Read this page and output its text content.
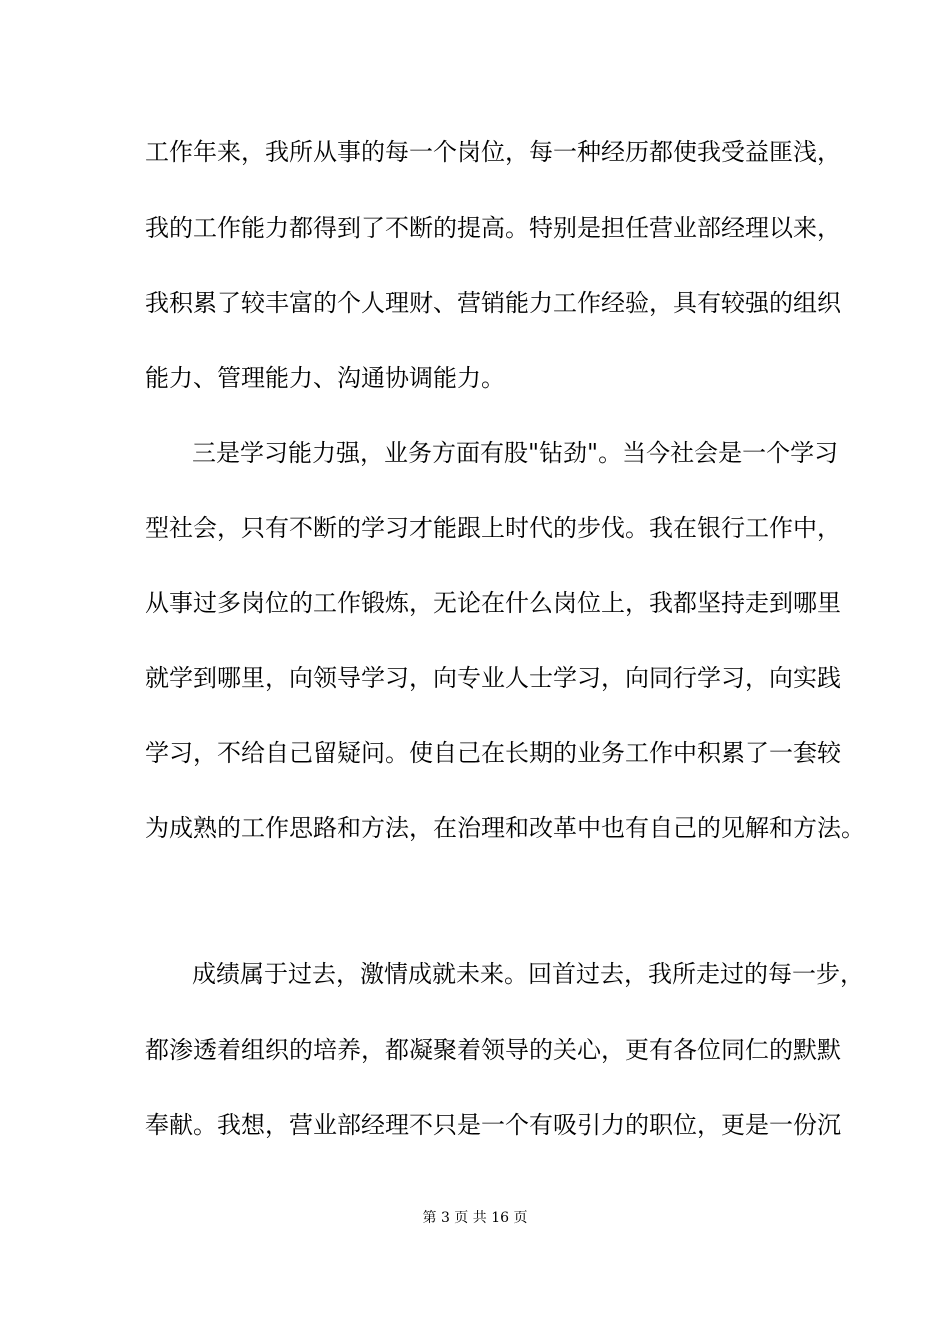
工作年来，我所从事的每一个岗位，每一种经历都使我受益匪浅，
我的工作能力都得到了不断的提高。特别是担任营业部经理以来，
我积累了较丰富的个人理财、营销能力工作经验，具有较强的组织
能力、管理能力、沟通协调能力。
三是学习能力强，业务方面有股"钻劲"。当今社会是一个学习
型社会，只有不断的学习才能跟上时代的步伐。我在银行工作中，
从事过多岗位的工作锻炼，无论在什么岗位上，我都坚持走到哪里
就学到哪里，向领导学习，向专业人士学习，向同行学习，向实践
学习，不给自己留疑问。使自己在长期的业务工作中积累了一套较
为成熟的工作思路和方法，在治理和改革中也有自己的见解和方法。
成绩属于过去，激情成就未来。回首过去，我所走过的每一步，
都渗透着组织的培养，都凝聚着领导的关心，更有各位同仁的默默
奉献。我想，营业部经理不只是一个有吸引力的职位，更是一份沉
第 3 页 共 16 页
